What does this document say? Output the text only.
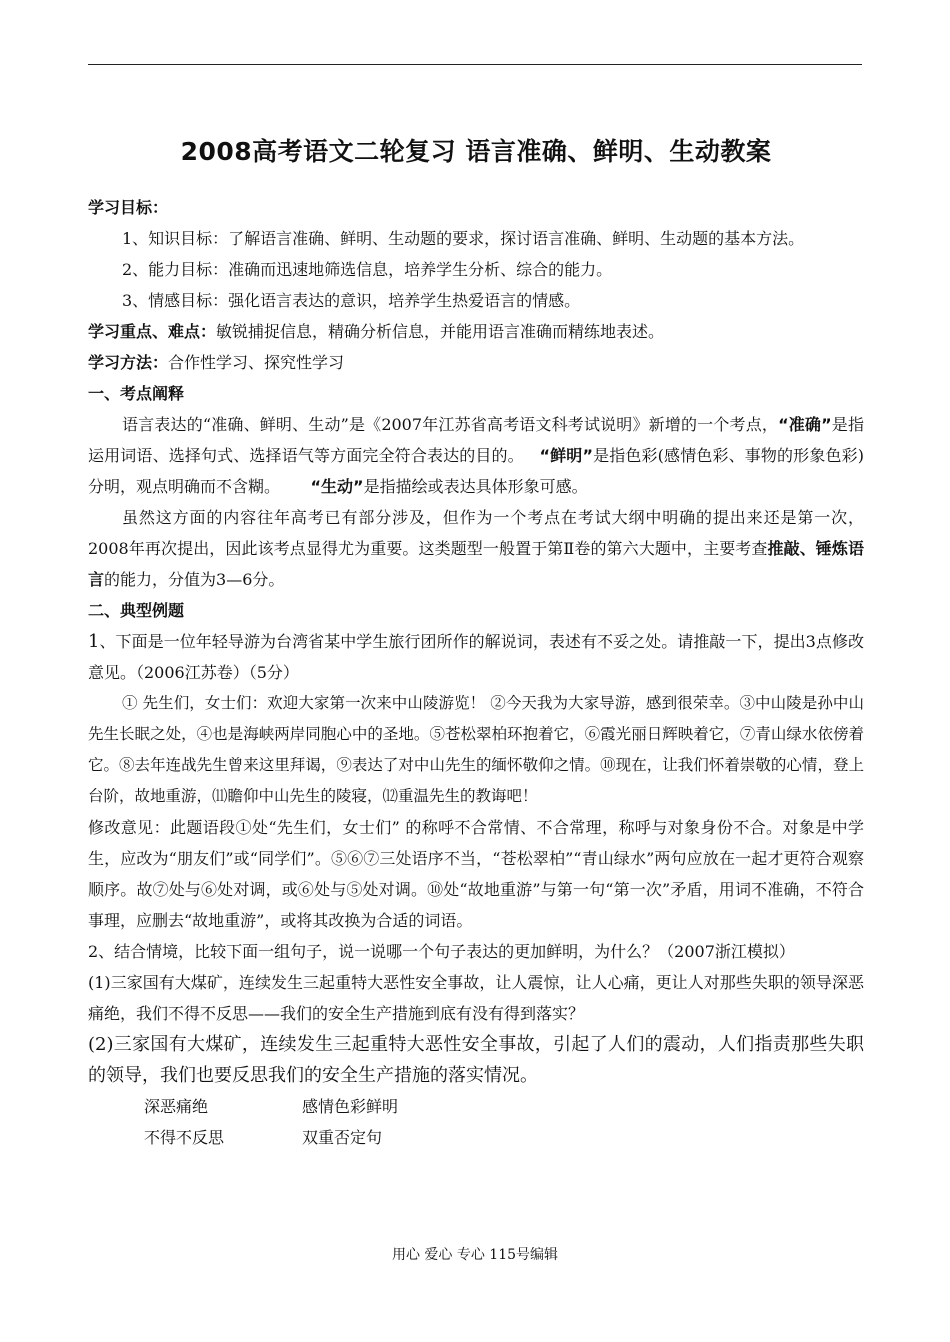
2008高考语文二轮复习 语言准确、鲜明、生动教案

学习目标：

1、知识目标：了解语言准确、鲜明、生动题的要求，探讨语言准确、鲜明、生动题的基本方法。

2、能力目标：准确而迅速地筛选信息，培养学生分析、综合的能力。

3、情感目标：强化语言表达的意识，培养学生热爱语言的情感。

学习重点、难点：敏锐捕捉信息，精确分析信息，并能用语言准确而精练地表述。

学习方法：合作性学习、探究性学习

一、考点阐释

语言表达的“准确、鲜明、生动”是《2007年江苏省高考语文科考试说明》新增的一个考点，“准确”是指运用词语、选择句式、选择语气等方面完全符合表达的目的。 “鲜明”是指色彩(感情色彩、事物的形象色彩)分明，观点明确而不含糊。 “生动”是指描绘或表达具体形象可感。

虽然这方面的内容往年高考已有部分涉及，但作为一个考点在考试大纲中明确的提出来还是第一次，2008年再次提出，因此该考点显得尤为重要。这类题型一般置于第Ⅱ卷的第六大题中，主要考查推敲、锤炼语言的能力，分值为3—6分。

二、典型例题

1、下面是一位年轻导游为台湾省某中学生旅行团所作的解说词，表述有不妥之处。请推敲一下，提出3点修改意见。（2006江苏卷）（5分）

① 先生们，女士们：欢迎大家第一次来中山陵游览！ ②今天我为大家导游，感到很荣幸。③中山陵是孙中山先生长眠之处，④也是海峡两岸同胞心中的圣地。⑤苍松翠柏环抱着它，⑥霞光丽日辉映着它，⑦青山绿水依傍着它。⑧去年连战先生曾来这里拜谒，⑨表达了对中山先生的缅怀敬仰之情。⑩现在，让我们怀着崇敬的心情，登上台阶，故地重游，⑾瞻仰中山先生的陵寝，⑿重温先生的教诲吧！

修改意见：此题语段①处“先生们，女士们” 的称呼不合常情、不合常理，称呼与对象身份不合。对象是中学生，应改为“朋友们”或“同学们”。⑤⑥⑦三处语序不当，“苍松翠柏”“青山绿水”两句应放在一起才更符合观察顺序。故⑦处与⑥处对调，或⑥处与⑤处对调。⑩处“故地重游”与第一句“第一次”矛盾，用词不准确，不符合事理，应删去“故地重游”，或将其改换为合适的词语。

2、结合情境，比较下面一组句子，说一说哪一个句子表达的更加鲜明，为什么？（2007浙江模拟）

(1)三家国有大煤矿，连续发生三起重特大恶性安全事故，让人震惊，让人心痛，更让人对那些失职的领导深恶痛绝，我们不得不反思——我们的安全生产措施到底有没有得到落实？

(2)三家国有大煤矿，连续发生三起重特大恶性安全事故，引起了人们的震动，人们指责那些失职的领导，我们也要反思我们的安全生产措施的落实情况。

深恶痛绝	感情色彩鲜明
不得不反思	双重否定句
用心 爱心 专心 115号编辑
